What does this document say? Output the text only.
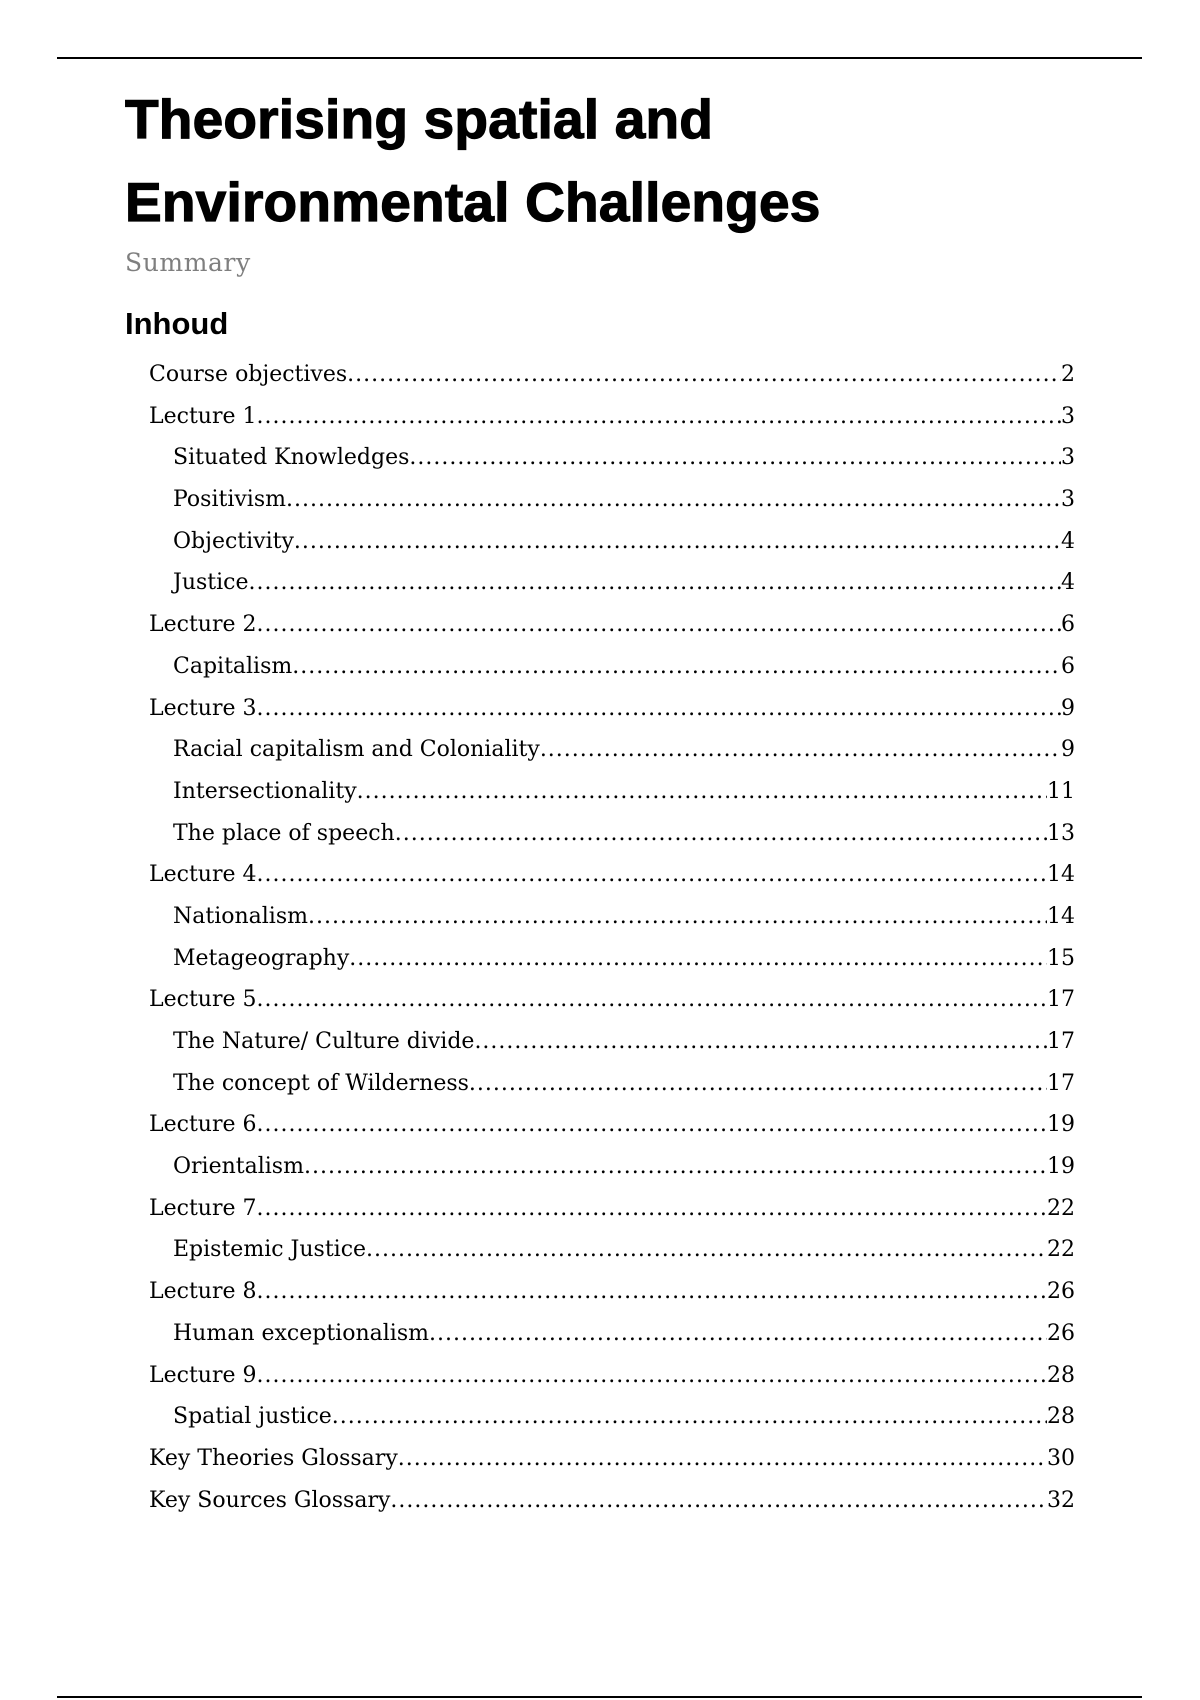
Theorising spatial and
Environmental Challenges
Summary
Inhoud
Course objectives .....	2
Lecture 1 .....	3
Situated Knowledges .....	3
Positivism .....	3
Objectivity .....	4
Justice .....	4
Lecture 2 .....	6
Capitalism .....	6
Lecture 3 .....	9
Racial capitalism and Coloniality .....	9
Intersectionality .....	11
The place of speech .....	13
Lecture 4 .....	14
Nationalism .....	14
Metageography .....	15
Lecture 5 .....	17
The Nature/ Culture divide .....	17
The concept of Wilderness .....	17
Lecture 6 .....	19
Orientalism .....	19
Lecture 7 .....	22
Epistemic Justice .....	22
Lecture 8 .....	26
Human exceptionalism .....	26
Lecture 9 .....	28
Spatial justice .....	28
Key Theories Glossary .....	30
Key Sources Glossary .....	32
